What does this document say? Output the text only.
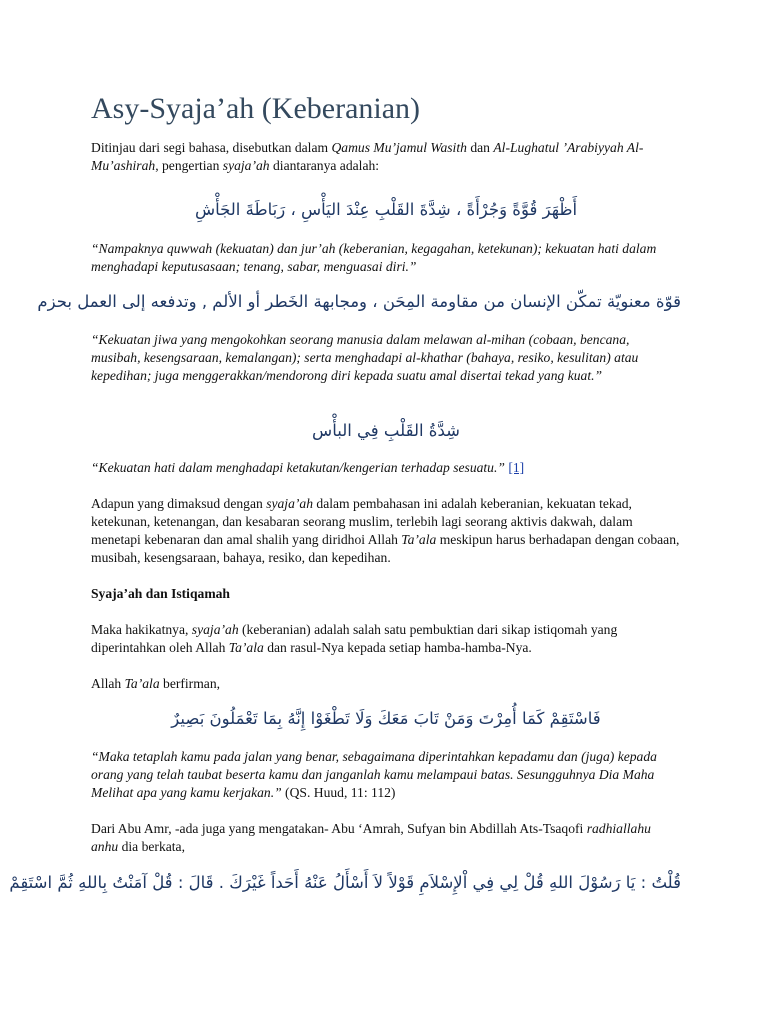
Asy-Syaja’ah (Keberanian)

Ditinjau dari segi bahasa, disebutkan dalam Qamus Mu’jamul Wasith dan Al-Lughatul ’Arabiyyah Al-Mu’ashirah, pengertian syaja’ah diantaranya adalah:

أَظْهَرَ قُوَّةً وَجُرْأَةً ، شِدَّةَ القَلْبِ عِنْدَ اليَأْسِ ، رَبَاطَةَ الجَأْشِ

“Nampaknya quwwah (kekuatan) dan jur’ah (keberanian, kegagahan, ketekunan); kekuatan hati dalam menghadapi keputusasaan; tenang, sabar, menguasai diri.”

قوّة معنويّة تمكّن الإنسان من مقاومة المِحَن ، ومجابهة الخَطر أو الألم , وتدفعه إلى العمل بحزم

“Kekuatan jiwa yang mengokohkan seorang manusia dalam melawan al-mihan (cobaan, bencana, musibah, kesengsaraan, kemalangan); serta menghadapi al-khathar (bahaya, resiko, kesulitan) atau kepedihan; juga menggerakkan/mendorong diri kepada suatu amal disertai tekad yang kuat.”

شِدَّةُ القَلْبِ فِي البأْس

“Kekuatan hati dalam menghadapi ketakutan/kengerian terhadap sesuatu.” [1]

Adapun yang dimaksud dengan syaja’ah dalam pembahasan ini adalah keberanian, kekuatan tekad, ketekunan, ketenangan, dan kesabaran seorang muslim, terlebih lagi seorang aktivis dakwah, dalam menetapi kebenaran dan amal shalih yang diridhoi Allah Ta’ala meskipun harus berhadapan dengan cobaan, musibah, kesengsaraan, bahaya, resiko, dan kepedihan.

Syaja’ah dan Istiqamah

Maka hakikatnya, syaja’ah (keberanian) adalah salah satu pembuktian dari sikap istiqomah yang diperintahkan oleh Allah Ta’ala dan rasul-Nya kepada setiap hamba-hamba-Nya.

Allah Ta’ala berfirman,

فَاسْتَقِمْ كَمَا أُمِرْتَ وَمَنْ تَابَ مَعَكَ وَلَا تَطْغَوْا إِنَّهُ بِمَا تَعْمَلُونَ بَصِيرٌ

“Maka tetaplah kamu pada jalan yang benar, sebagaimana diperintahkan kepadamu dan (juga) kepada orang yang telah taubat beserta kamu dan janganlah kamu melampaui batas. Sesungguhnya Dia Maha Melihat apa yang kamu kerjakan.” (QS. Huud, 11: 112)

Dari Abu Amr, -ada juga yang mengatakan- Abu ‘Amrah, Sufyan bin Abdillah Ats-Tsaqofi radhiallahu anhu dia berkata,

قُلْتُ : يَا رَسُوْلَ اللهِ قُلْ لِي فِي اْلإِسْلاَمِ قَوْلاً لاَ أَسْأَلُ عَنْهُ أَحَداً غَيْرَكَ . قَالَ : قُلْ آمَنْتُ بِاللهِ ثُمَّ اسْتَقِمْ
